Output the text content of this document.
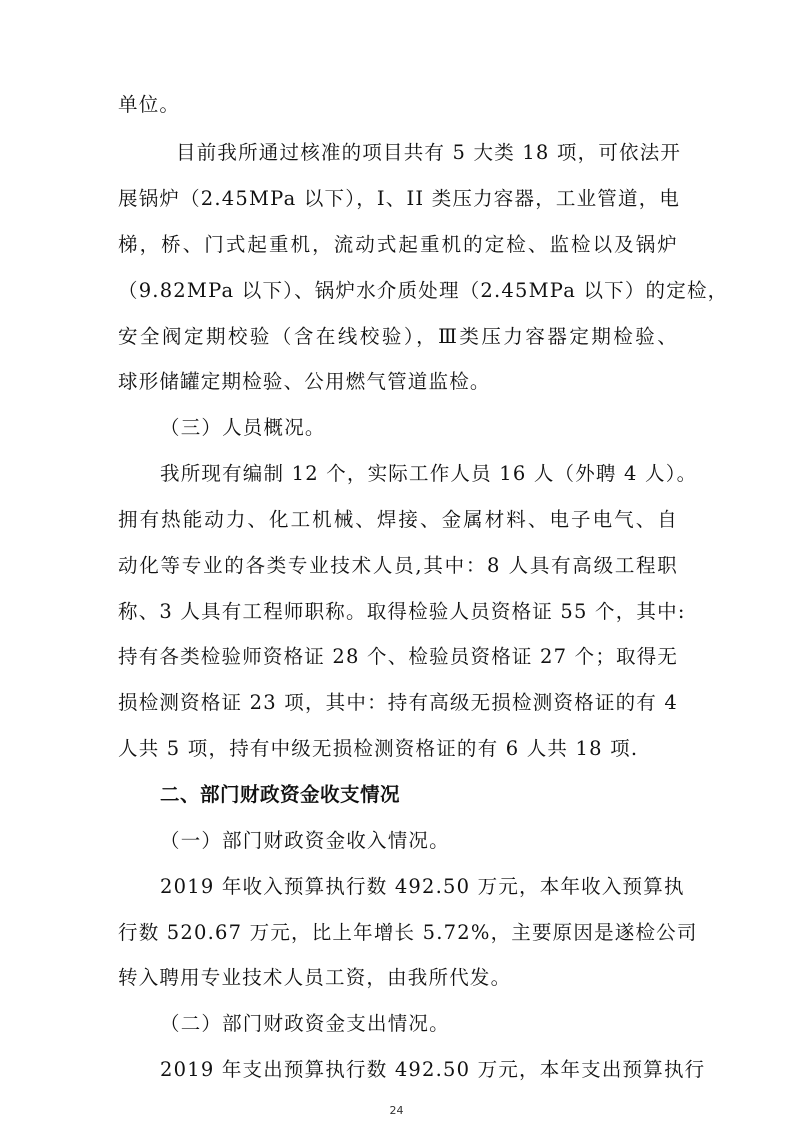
单位。
目前我所通过核准的项目共有 5 大类 18 项，可依法开
展锅炉（2.45MPa 以下），I、II 类压力容器，工业管道，电
梯，桥、门式起重机，流动式起重机的定检、监检以及锅炉
（9.82MPa 以下）、锅炉水介质处理（2.45MPa 以下）的定检，
安全阀定期校验（含在线校验），Ⅲ类压力容器定期检验、
球形储罐定期检验、公用燃气管道监检。
（三）人员概况。
我所现有编制 12 个，实际工作人员 16 人（外聘 4 人）。
拥有热能动力、化工机械、焊接、金属材料、电子电气、自
动化等专业的各类专业技术人员,其中：8 人具有高级工程职
称、3 人具有工程师职称。取得检验人员资格证 55 个，其中:
持有各类检验师资格证 28 个、检验员资格证 27 个；取得无
损检测资格证 23 项，其中：持有高级无损检测资格证的有 4
人共 5 项，持有中级无损检测资格证的有 6 人共 18 项.
二、部门财政资金收支情况
（一）部门财政资金收入情况。
2019 年收入预算执行数 492.50 万元，本年收入预算执
行数 520.67 万元，比上年增长 5.72%，主要原因是遂检公司
转入聘用专业技术人员工资，由我所代发。
（二）部门财政资金支出情况。
2019 年支出预算执行数 492.50 万元，本年支出预算执行
24
